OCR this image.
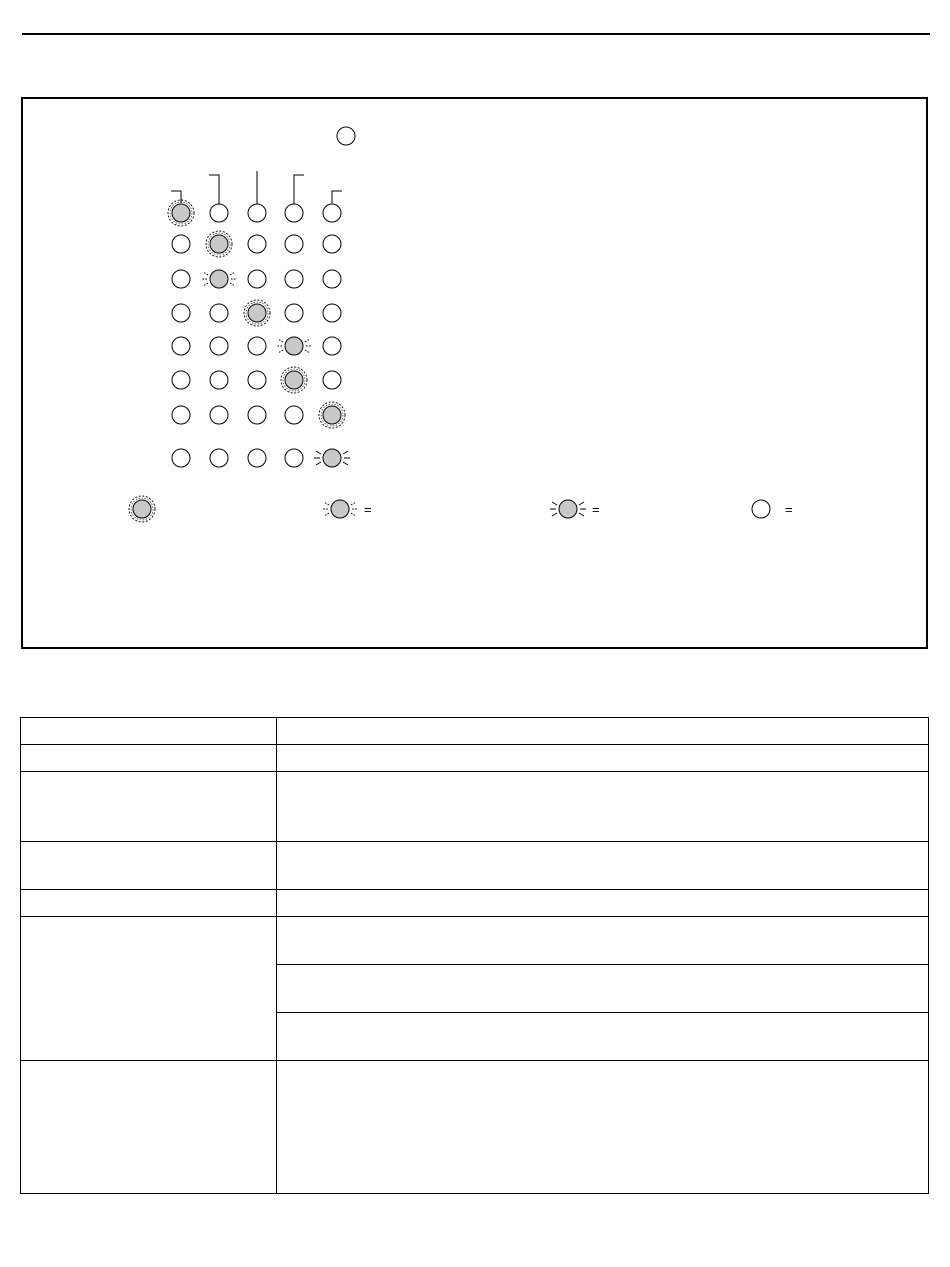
=	=	=
